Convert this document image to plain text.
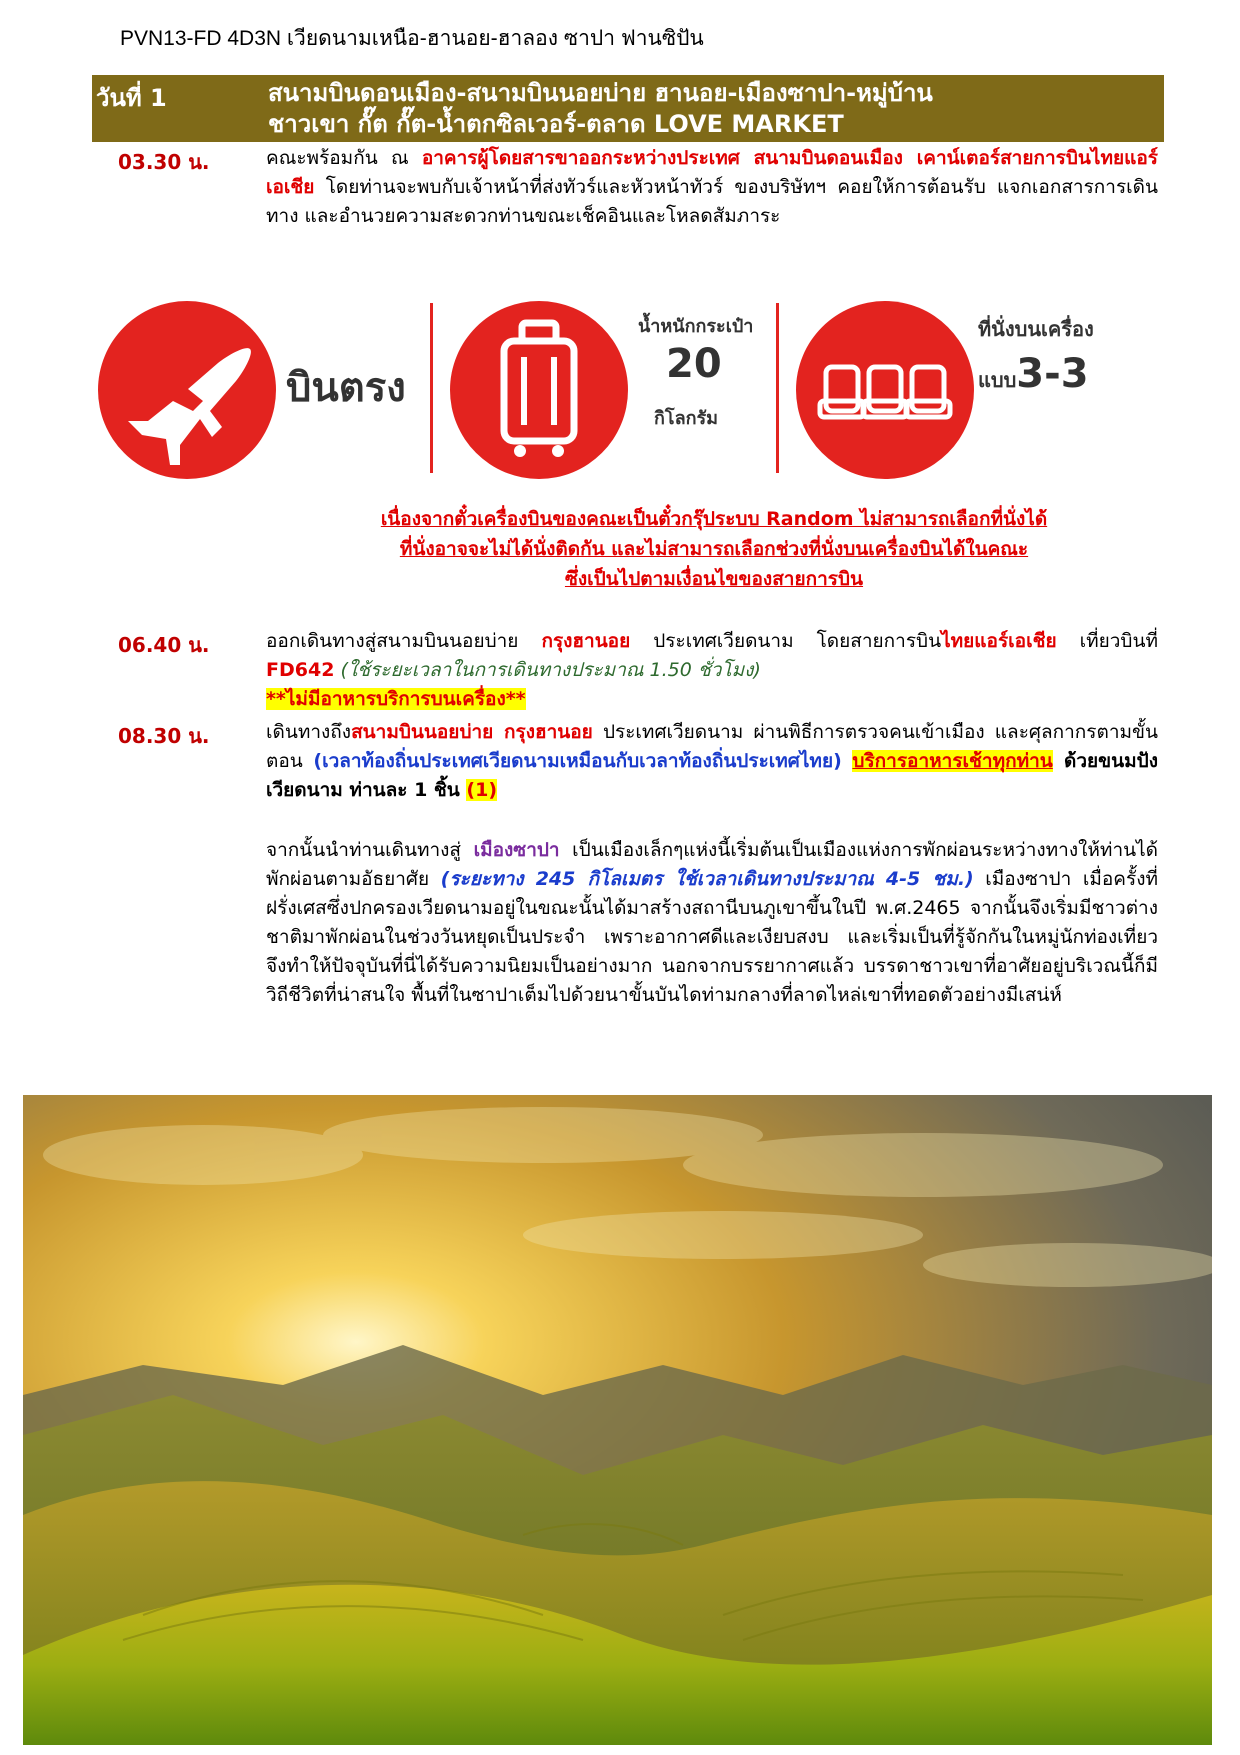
PVN13-FD 4D3N เวียดนามเหนือ-ฮานอย-ฮาลอง ซาปา ฟานซิปัน
วันที่ 1	สนามบินดอนเมือง-สนามบินนอยบ่าย ฮานอย-เมืองซาปา-หมู่บ้าน
ชาวเขา กั๊ต กั๊ต-น้ำตกซิลเวอร์-ตลาด LOVE MARKET
03.30 น.	คณะพร้อมกัน ณ อาคารผู้โดยสารขาออกระหว่างประเทศ สนามบินดอนเมือง เคาน์เตอร์สายการบินไทยแอร์เอเชีย โดยท่านจะพบกับเจ้าหน้าที่ส่งทัวร์และหัวหน้าทัวร์ ของบริษัทฯ คอยให้การต้อนรับ แจกเอกสารการเดินทาง และอำนวยความสะดวกท่านขณะเช็คอินและโหลดสัมภาระ
บินตรง
น้ำหนักกระเป๋า
20
กิโลกรัม
ที่นั่งบนเครื่อง
แบบ3-3
เนื่องจากตั๋วเครื่องบินของคณะเป็นตั๋วกรุ๊ประบบ Random ไม่สามารถเลือกที่นั่งได้
ที่นั่งอาจจะไม่ได้นั่งติดกัน และไม่สามารถเลือกช่วงที่นั่งบนเครื่องบินได้ในคณะ
ซึ่งเป็นไปตามเงื่อนไขของสายการบิน
06.40 น.	ออกเดินทางสู่สนามบินนอยบ่าย กรุงฮานอย ประเทศเวียดนาม โดยสายการบินไทยแอร์เอเชีย เที่ยวบินที่ FD642 (ใช้ระยะเวลาในการเดินทางประมาณ 1.50 ชั่วโมง)
**ไม่มีอาหารบริการบนเครื่อง**
08.30 น.	เดินทางถึงสนามบินนอยบ่าย กรุงฮานอย ประเทศเวียดนาม ผ่านพิธีการตรวจคนเข้าเมือง และศุลกากรตามขั้นตอน (เวลาท้องถิ่นประเทศเวียดนามเหมือนกับเวลาท้องถิ่นประเทศไทย) บริการอาหารเช้าทุกท่าน ด้วยขนมปังเวียดนาม ท่านละ 1 ชิ้น (1)
จากนั้นนำท่านเดินทางสู่ เมืองซาปา เป็นเมืองเล็กๆแห่งนี้เริ่มต้นเป็นเมืองแห่งการพักผ่อนระหว่างทางให้ท่านได้พักผ่อนตามอัธยาศัย (ระยะทาง 245 กิโลเมตร ใช้เวลาเดินทางประมาณ 4-5 ชม.) เมืองซาปา เมื่อครั้งที่ฝรั่งเศสซึ่งปกครองเวียดนามอยู่ในขณะนั้นได้มาสร้างสถานีบนภูเขาขึ้นในปี พ.ศ.2465 จากนั้นจึงเริ่มมีชาวต่างชาติมาพักผ่อนในช่วงวันหยุดเป็นประจำ เพราะอากาศดีและเงียบสงบ และเริ่มเป็นที่รู้จักกันในหมู่นักท่องเที่ยว จึงทำให้ปัจจุบันที่นี่ได้รับความนิยมเป็นอย่างมาก นอกจากบรรยากาศแล้ว บรรดาชาวเขาที่อาศัยอยู่บริเวณนี้ก็มีวิถีชีวิตที่น่าสนใจ พื้นที่ในซาปาเต็มไปด้วยนาขั้นบันไดท่ามกลางที่ลาดไหล่เขาที่ทอดตัวอย่างมีเสน่ห์
